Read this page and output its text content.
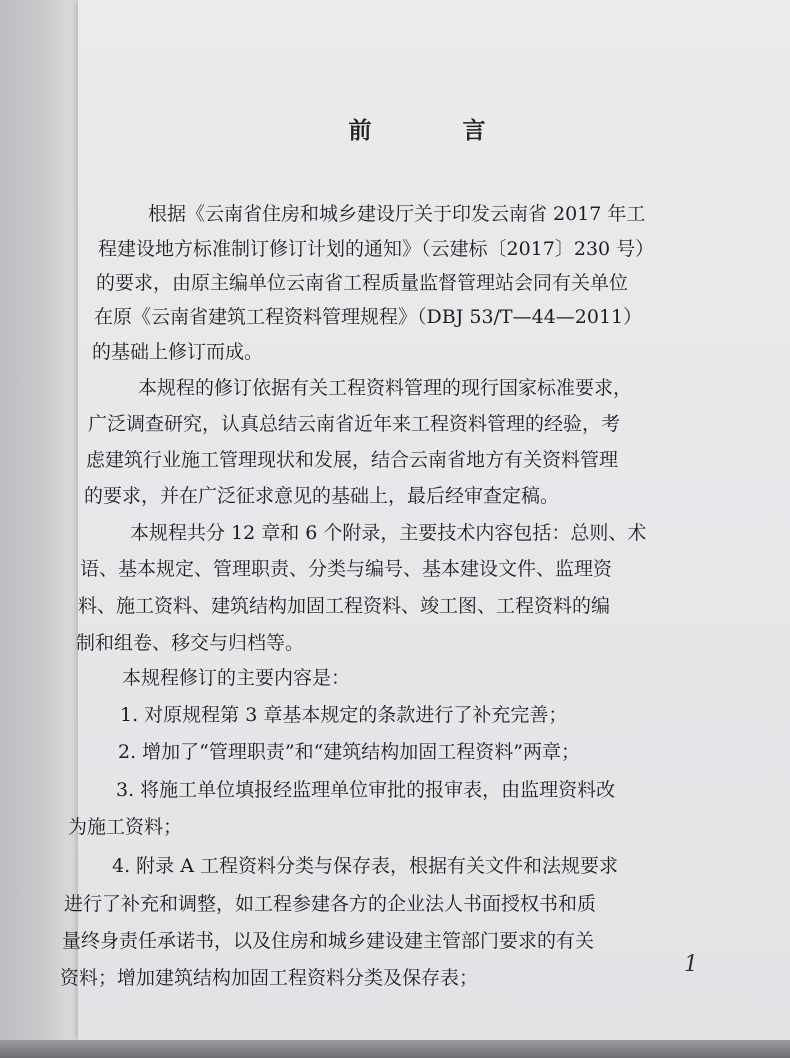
前　言
根据《云南省住房和城乡建设厅关于印发云南省 2017 年工
程建设地方标准制订修订计划的通知》（云建标〔2017〕230 号）
的要求，由原主编单位云南省工程质量监督管理站会同有关单位
在原《云南省建筑工程资料管理规程》（DBJ 53/T—44—2011）
的基础上修订而成。
本规程的修订依据有关工程资料管理的现行国家标准要求，
广泛调查研究，认真总结云南省近年来工程资料管理的经验，考
虑建筑行业施工管理现状和发展，结合云南省地方有关资料管理
的要求，并在广泛征求意见的基础上，最后经审查定稿。
本规程共分 12 章和 6 个附录，主要技术内容包括：总则、术
语、基本规定、管理职责、分类与编号、基本建设文件、监理资
料、施工资料、建筑结构加固工程资料、竣工图、工程资料的编
制和组卷、移交与归档等。
本规程修订的主要内容是：
1. 对原规程第 3 章基本规定的条款进行了补充完善；
2. 增加了“管理职责”和“建筑结构加固工程资料”两章；
3. 将施工单位填报经监理单位审批的报审表，由监理资料改
为施工资料；
4. 附录 A 工程资料分类与保存表，根据有关文件和法规要求
进行了补充和调整，如工程参建各方的企业法人书面授权书和质
量终身责任承诺书，以及住房和城乡建设建主管部门要求的有关
资料；增加建筑结构加固工程资料分类及保存表；
1
